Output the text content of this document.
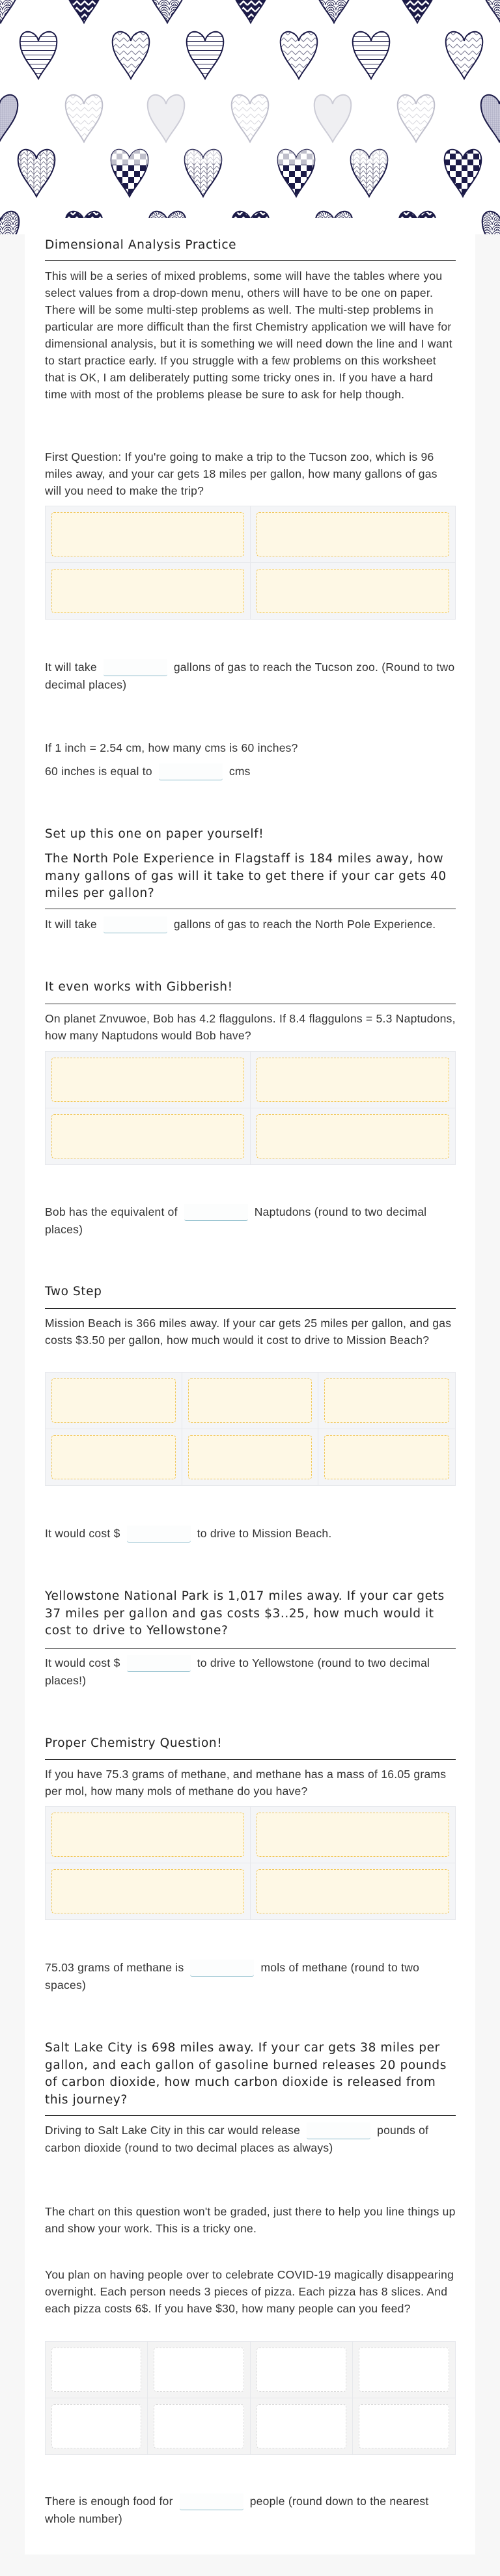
Dimensional Analysis Practice

This will be a series of mixed problems, some will have the tables where you select values from a drop-down menu, others will have to be one on paper. There will be some multi-step problems as well. The multi-step problems in particular are more difficult than the first Chemistry application we will have for dimensional analysis, but it is something we will need down the line and I want to start practice early. If you struggle with a few problems on this worksheet that is OK, I am deliberately putting some tricky ones in. If you have a hard time with most of the problems please be sure to ask for help though.

First Question: If you're going to make a trip to the Tucson zoo, which is 96 miles away, and your car gets 18 miles per gallon, how many gallons of gas will you need to make the trip?

It will take	gallons of gas to reach the Tucson zoo. (Round to two decimal places)

If 1 inch = 2.54 cm, how many cms is 60 inches?

60 inches is equal to	cms

Set up this one on paper yourself!

The North Pole Experience in Flagstaff is 184 miles away, how many gallons of gas will it take to get there if your car gets 40 miles per gallon?

It will take	gallons of gas to reach the North Pole Experience.

It even works with Gibberish!

On planet Znvuwoe, Bob has 4.2 flaggulons. If 8.4 flaggulons = 5.3 Naptudons, how many Naptudons would Bob have?

Bob has the equivalent of	Naptudons (round to two decimal places)

Two Step

Mission Beach is 366 miles away. If your car gets 25 miles per gallon, and gas costs $3.50 per gallon, how much would it cost to drive to Mission Beach?

It would cost $	to drive to Mission Beach.

Yellowstone National Park is 1,017 miles away. If your car gets 37 miles per gallon and gas costs $3..25, how much would it cost to drive to Yellowstone?

It would cost $	to drive to Yellowstone (round to two decimal places!)

Proper Chemistry Question!

If you have 75.3 grams of methane, and methane has a mass of 16.05 grams per mol, how many mols of methane do you have?

75.03 grams of methane is	mols of methane (round to two spaces)

Salt Lake City is 698 miles away. If your car gets 38 miles per gallon, and each gallon of gasoline burned releases 20 pounds of carbon dioxide, how much carbon dioxide is released from this journey?

Driving to Salt Lake City in this car would release	pounds of carbon dioxide (round to two decimal places as always)

The chart on this question won't be graded, just there to help you line things up and show your work. This is a tricky one.

You plan on having people over to celebrate COVID-19 magically disappearing overnight. Each person needs 3 pieces of pizza. Each pizza has 8 slices. And each pizza costs 6$. If you have $30, how many people can you feed?

There is enough food for	people (round down to the nearest whole number)
